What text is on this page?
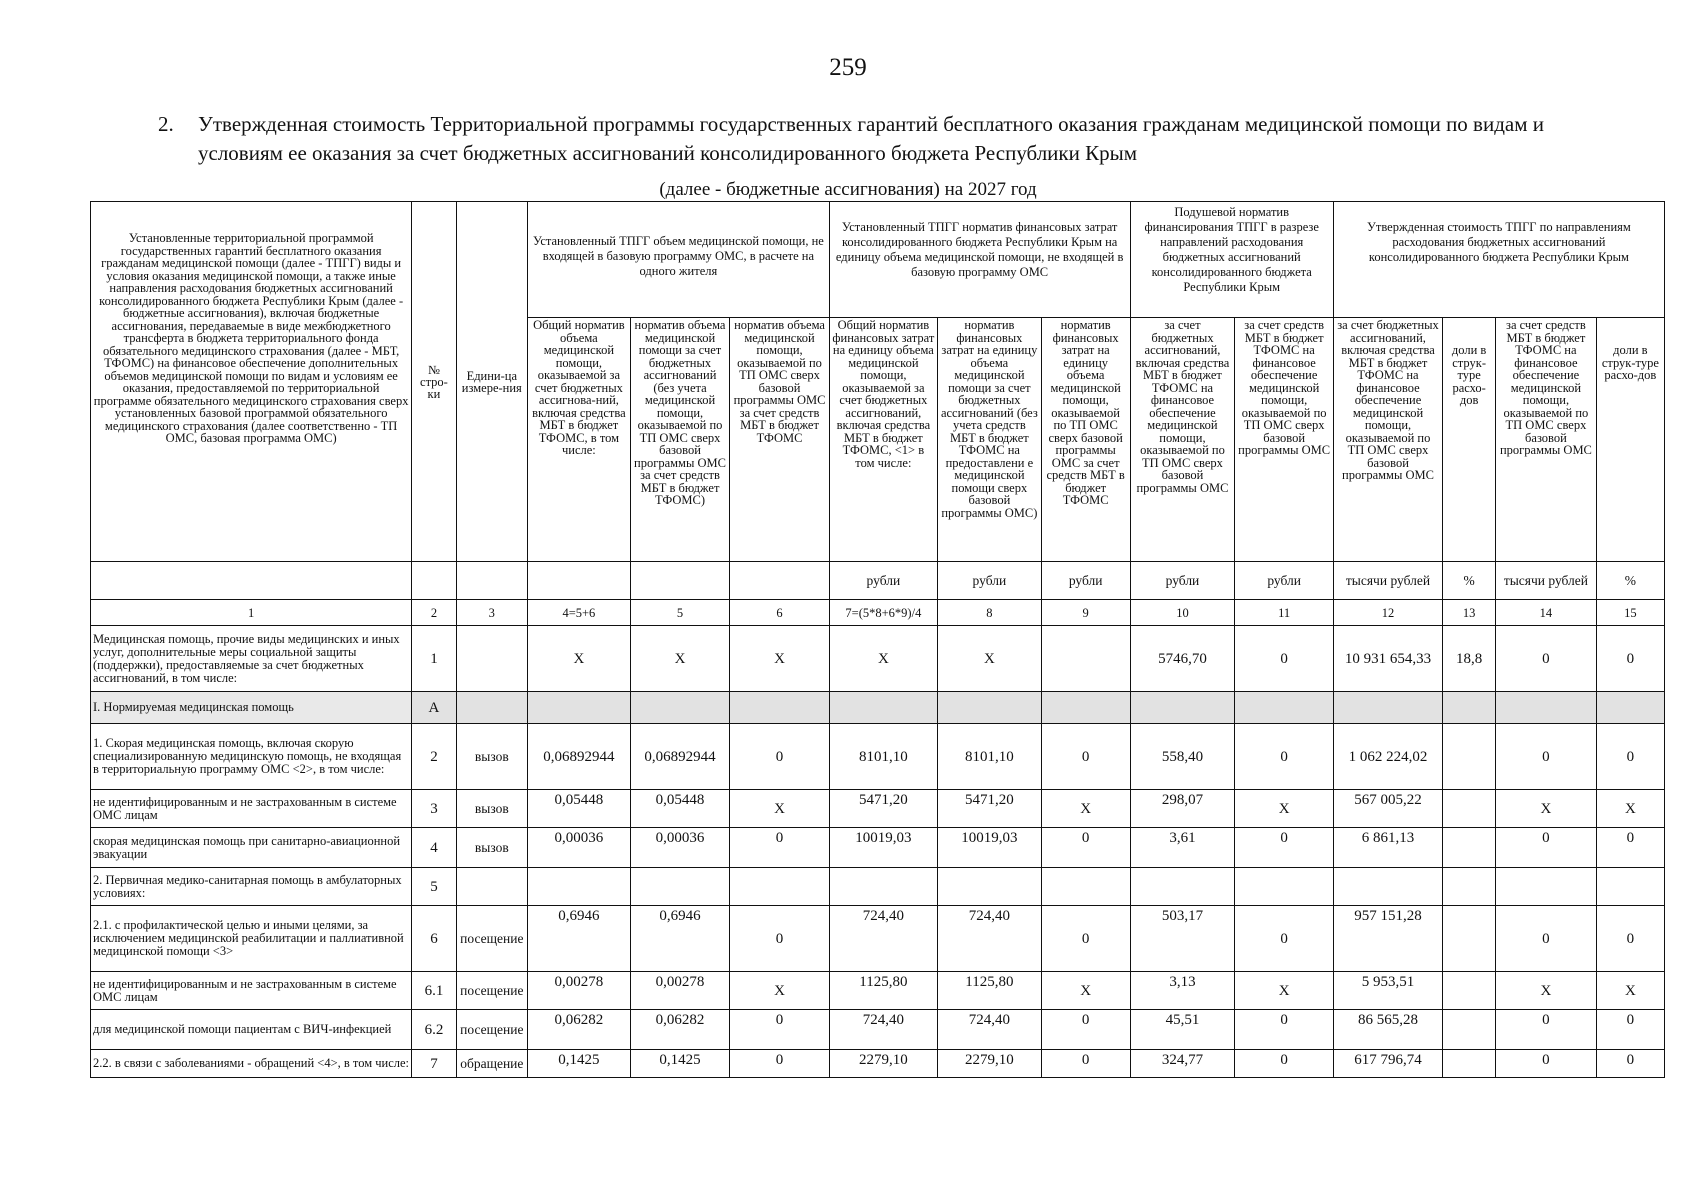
259
2. Утвержденная стоимость Территориальной программы государственных гарантий бесплатного оказания гражданам медицинской помощи по видам и условиям ее оказания за счет бюджетных ассигнований консолидированного бюджета Республики Крым
(далее - бюджетные ассигнования) на 2027 год
Установленные территориальной программой государственных гарантий бесплатного оказания гражданам медицинской помощи (далее - ТПГГ) виды и условия оказания медицинской помощи, а также иные направления расходования бюджетных ассигнований консолидированного бюджета Республики Крым (далее - бюджетные ассигнования), включая бюджетные ассигнования, передаваемые в виде межбюджетного трансферта в бюджета территориального фонда обязательного медицинского страхования (далее - МБТ, ТФОМС) на финансовое обеспечение дополнительных объемов медицинской помощи по видам и условиям ее оказания, предоставляемой по территориальной программе обязательного медицинского страхования сверх установленных базовой программой обязательного медицинского страхования (далее соответственно - ТП ОМС, базовая программа ОМС)	№ стро-ки	Едини-ца измере-ния	Установленный ТПГГ объем медицинской помощи, не входящей в базовую программу ОМС, в расчете на одного жителя			Установленный ТПГГ норматив финансовых затрат консолидированного бюджета Республики Крым на единицу объема медицинской помощи, не входящей в базовую программу ОМС			Подушевой норматив финансирования ТПГГ в разрезе направлений расходования бюджетных ассигнований консолидированного бюджета Республики Крым		Утвержденная стоимость ТПГГ по направлениям расходования бюджетных ассигнований консолидированного бюджета Республики Крым			
			Общий норматив объема медицинской помощи, оказываемой за счет бюджетных ассигнова-ний, включая средства МБТ в бюджет ТФОМС, в том числе:	норматив объема медицинской помощи за счет бюджетных ассигнований (без учета медицинской помощи, оказываемой по ТП ОМС сверх базовой программы ОМС за счет средств МБТ в бюджет ТФОМС)	норматив объема медицинской помощи, оказываемой по ТП ОМС сверх базовой программы ОМС за счет средств МБТ в бюджет ТФОМС	Общий норматив финансовых затрат на единицу объема медицинской помощи, оказываемой за счет бюджетных ассигнований, включая средства МБТ в бюджет ТФОМС, <1> в том числе:	норматив финансовых затрат на единицу объема медицинской помощи за счет бюджетных ассигнований (без учета средств МБТ в бюджет ТФОМС на предоставлени е медицинской помощи сверх базовой программы ОМС)	норматив финансовых затрат на единицу объема медицинской помощи, оказываемой по ТП ОМС сверх базовой программы ОМС за счет средств МБТ в бюджет ТФОМС	за счет бюджетных ассигнований, включая средства МБТ в бюджет ТФОМС на финансовое обеспечение медицинской помощи, оказываемой по ТП ОМС сверх базовой программы ОМС	за счет средств МБТ в бюджет ТФОМС на финансовое обеспечение медицинской помощи, оказываемой по ТП ОМС сверх базовой программы ОМС	за счет бюджетных ассигнований, включая средства МБТ в бюджет ТФОМС на финансовое обеспечение медицинской помощи, оказываемой по ТП ОМС сверх базовой программы ОМС	доли в струк-туре расхо-дов	за счет средств МБТ в бюджет ТФОМС на финансовое обеспечение медицинской помощи, оказываемой по ТП ОМС сверх базовой программы ОМС	доли в струк-туре расхо-дов
						рубли	рубли	рубли	рубли	рубли	тысячи рублей	%	тысячи рублей	%
1	2	3	4=5+6	5	6	7=(5*8+6*9)/4	8	9	10	11	12	13	14	15
Медицинская помощь, прочие виды медицинских и иных услуг, дополнительные меры социальной защиты (поддержки), предоставляемые за счет бюджетных ассигнований, в том числе:	1		X	X	X	X	X		5746,70	0	10 931 654,33	18,8	0	0
I. Нормируемая медицинская помощь	А													
1. Скорая медицинская помощь, включая скорую специализированную медицинскую помощь, не входящая в территориальную программу ОМС <2>, в том числе:	2	вызов	0,06892944	0,06892944	0	8101,10	8101,10	0	558,40	0	1 062 224,02		0	0
не идентифицированным и не застрахованным в системе ОМС лицам	3	вызов	0,05448	0,05448	X	5471,20	5471,20	X	298,07	X	567 005,22		X	X
скорая медицинская помощь при санитарно-авиационной эвакуации	4	вызов	0,00036	0,00036	0	10019,03	10019,03	0	3,61	0	6 861,13		0	0
2. Первичная медико-санитарная помощь в амбулаторных условиях:	5													
2.1. с профилактической целью и иными целями, за исключением медицинской реабилитации и паллиативной медицинской помощи <3>	6	посещение	0,6946	0,6946	0	724,40	724,40	0	503,17	0	957 151,28		0	0
не идентифицированным и не застрахованным в системе ОМС лицам	6.1	посещение	0,00278	0,00278	X	1125,80	1125,80	X	3,13	X	5 953,51		X	X
для медицинской помощи пациентам с ВИЧ-инфекцией	6.2	посещение	0,06282	0,06282	0	724,40	724,40	0	45,51	0	86 565,28		0	0
2.2. в связи с заболеваниями - обращений <4>, в том числе:	7	обращение	0,1425	0,1425	0	2279,10	2279,10	0	324,77	0	617 796,74		0	0
